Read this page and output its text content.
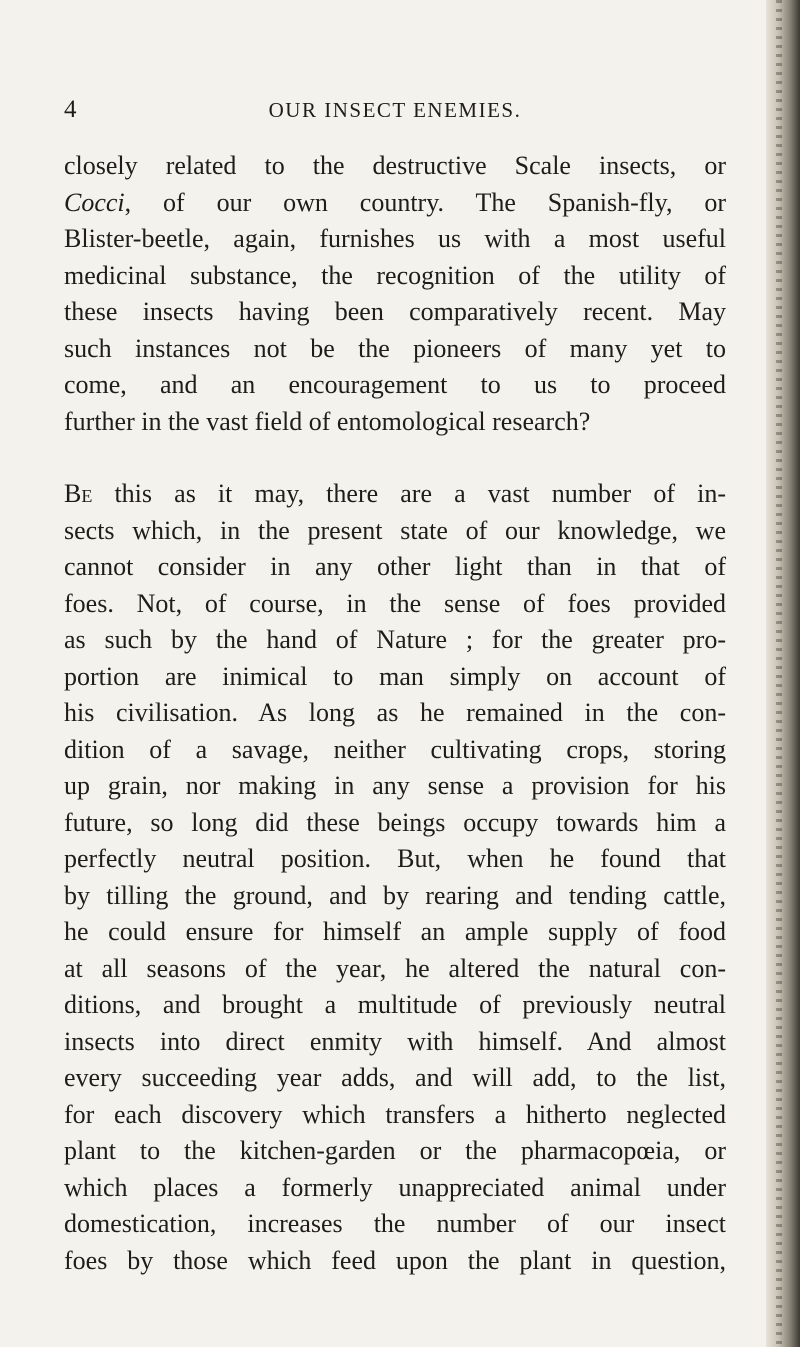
4	OUR INSECT ENEMIES.

closely related to the destructive Scale insects, or
Cocci, of our own country. The Spanish-fly, or
Blister-beetle, again, furnishes us with a most useful
medicinal substance, the recognition of the utility of
these insects having been comparatively recent. May
such instances not be the pioneers of many yet to
come, and an encouragement to us to proceed
further in the vast field of entomological research?

Be this as it may, there are a vast number of in-
sects which, in the present state of our knowledge, we
cannot consider in any other light than in that of
foes. Not, of course, in the sense of foes provided
as such by the hand of Nature ; for the greater pro-
portion are inimical to man simply on account of
his civilisation. As long as he remained in the con-
dition of a savage, neither cultivating crops, storing
up grain, nor making in any sense a provision for his
future, so long did these beings occupy towards him a
perfectly neutral position. But, when he found that
by tilling the ground, and by rearing and tending cattle,
he could ensure for himself an ample supply of food
at all seasons of the year, he altered the natural con-
ditions, and brought a multitude of previously neutral
insects into direct enmity with himself. And almost
every succeeding year adds, and will add, to the list,
for each discovery which transfers a hitherto neglected
plant to the kitchen-garden or the pharmacopœia, or
which places a formerly unappreciated animal under
domestication, increases the number of our insect
foes by those which feed upon the plant in question,
